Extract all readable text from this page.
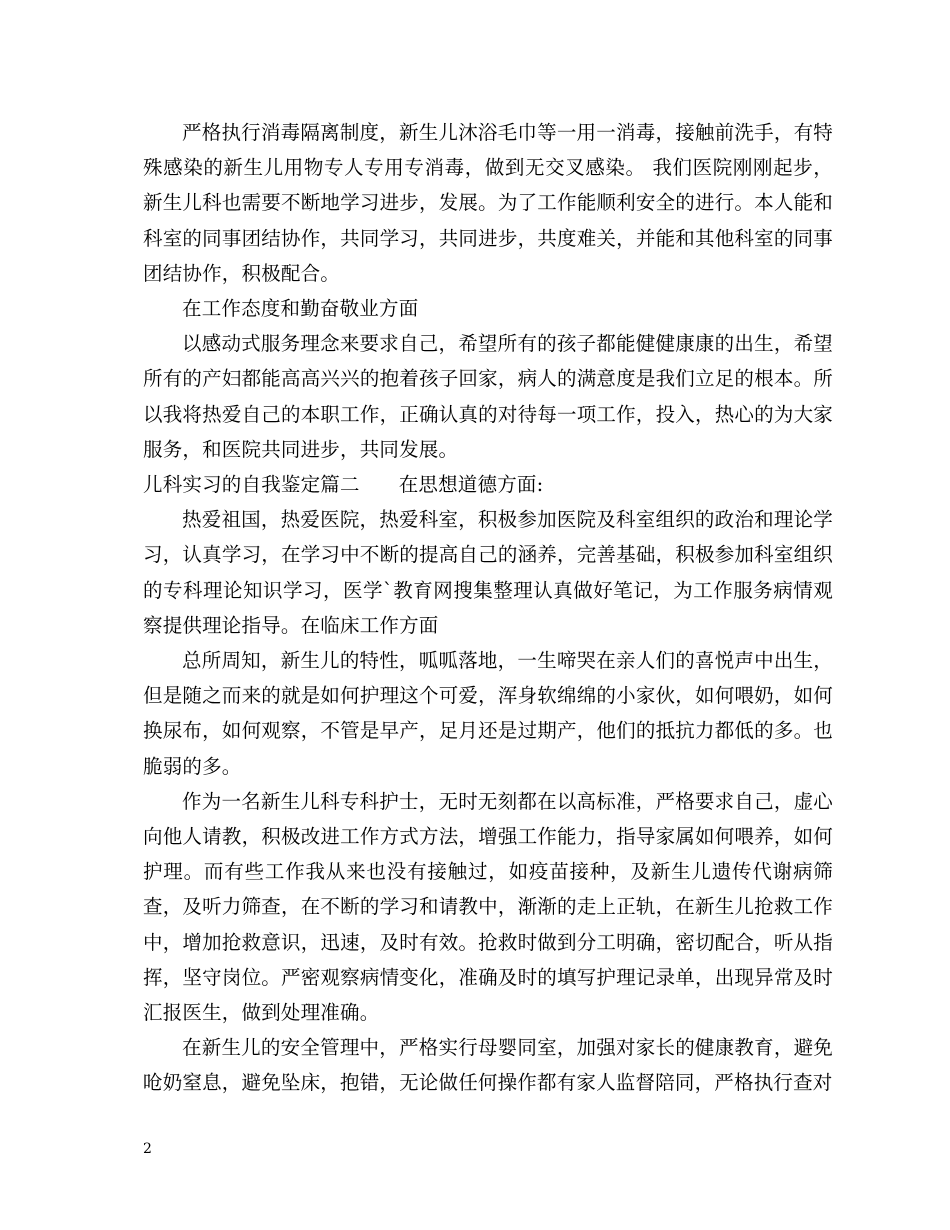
严格执行消毒隔离制度，新生儿沐浴毛巾等一用一消毒，接触前洗手，有特殊感染的新生儿用物专人专用专消毒，做到无交叉感染。 我们医院刚刚起步，新生儿科也需要不断地学习进步，发展。为了工作能顺利安全的进行。本人能和科室的同事团结协作，共同学习，共同进步，共度难关，并能和其他科室的同事团结协作，积极配合。

在工作态度和勤奋敬业方面

以感动式服务理念来要求自己，希望所有的孩子都能健健康康的出生，希望所有的产妇都能高高兴兴的抱着孩子回家，病人的满意度是我们立足的根本。所以我将热爱自己的本职工作，正确认真的对待每一项工作，投入，热心的为大家服务，和医院共同进步，共同发展。

儿科实习的自我鉴定篇二 在思想道德方面:

热爱祖国，热爱医院，热爱科室，积极参加医院及科室组织的政治和理论学习，认真学习，在学习中不断的提高自己的涵养，完善基础，积极参加科室组织的专科理论知识学习，医学`教育网搜集整理认真做好笔记，为工作服务病情观察提供理论指导。在临床工作方面

总所周知，新生儿的特性，呱呱落地，一生啼哭在亲人们的喜悦声中出生，但是随之而来的就是如何护理这个可爱，浑身软绵绵的小家伙，如何喂奶，如何换尿布，如何观察，不管是早产，足月还是过期产，他们的抵抗力都低的多。也脆弱的多。

作为一名新生儿科专科护士，无时无刻都在以高标准，严格要求自己，虚心向他人请教，积极改进工作方式方法，增强工作能力，指导家属如何喂养，如何护理。而有些工作我从来也没有接触过，如疫苗接种，及新生儿遗传代谢病筛查，及听力筛查，在不断的学习和请教中，渐渐的走上正轨，在新生儿抢救工作中，增加抢救意识，迅速，及时有效。抢救时做到分工明确，密切配合，听从指挥，坚守岗位。严密观察病情变化，准确及时的填写护理记录单，出现异常及时汇报医生，做到处理准确。

在新生儿的安全管理中，严格实行母婴同室，加强对家长的健康教育，避免呛奶窒息，避免坠床，抱错，无论做任何操作都有家人监督陪同，严格执行查对

2
